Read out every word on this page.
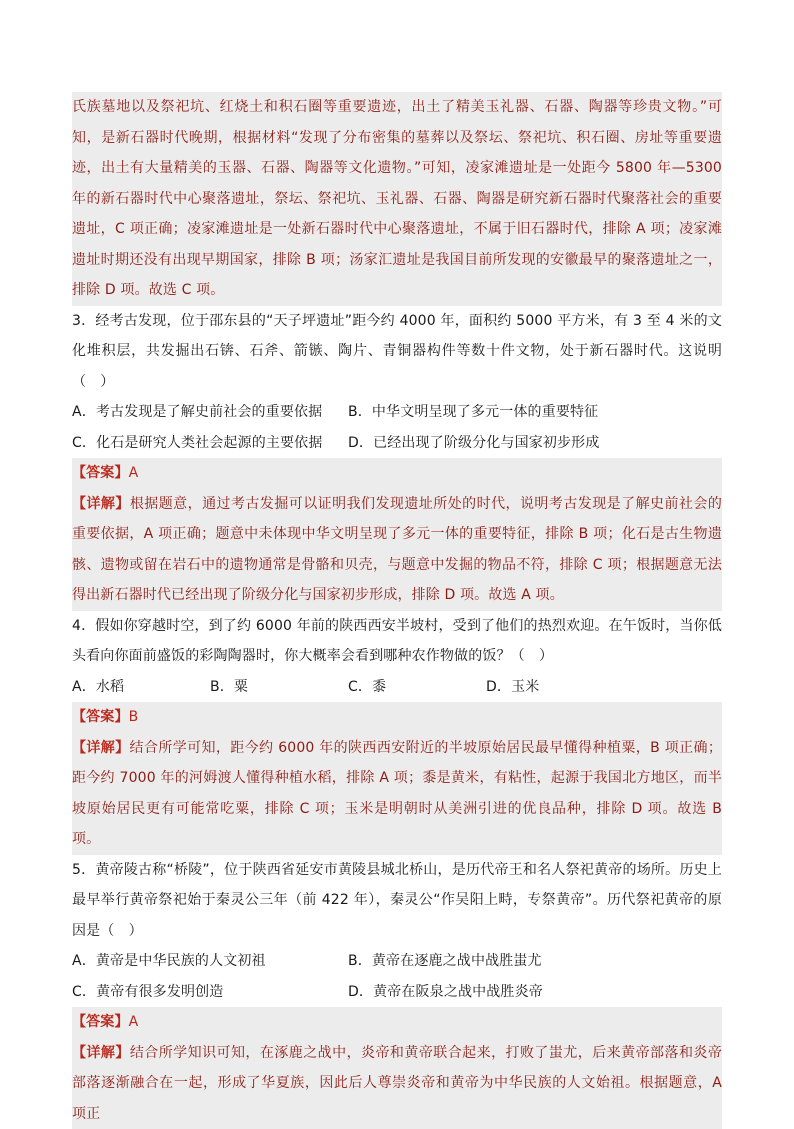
氏族墓地以及祭祀坑、红烧土和积石圈等重要遗迹，出土了精美玉礼器、石器、陶器等珍贵文物。”可知，是新石器时代晚期，根据材料“发现了分布密集的墓葬以及祭坛、祭祀坑、积石圈、房址等重要遗迹，出土有大量精美的玉器、石器、陶器等文化遗物。”可知，凌家滩遗址是一处距今 5800 年—5300 年的新石器时代中心聚落遗址，祭坛、祭祀坑、玉礼器、石器、陶器是研究新石器时代聚落社会的重要遗址，C 项正确；凌家滩遗址是一处新石器时代中心聚落遗址，不属于旧石器时代，排除 A 项；凌家滩遗址时期还没有出现早期国家，排除 B 项；汤家汇遗址是我国目前所发现的安徽最早的聚落遗址之一，排除 D 项。故选 C 项。

3．经考古发现，位于邵东县的“天子坪遗址”距今约 4000 年，面积约 5000 平方米，有 3 至 4 米的文化堆积层，共发掘出石锛、石斧、箭镞、陶片、青铜器构件等数十件文物，处于新石器时代。这说明（　）

A．考古发现是了解史前社会的重要依据	B．中华文明呈现了多元一体的重要特征
C．化石是研究人类社会起源的主要依据	D．已经出现了阶级分化与国家初步形成

【答案】A

【详解】根据题意，通过考古发掘可以证明我们发现遗址所处的时代，说明考古发现是了解史前社会的重要依据，A 项正确；题意中未体现中华文明呈现了多元一体的重要特征，排除 B 项；化石是古生物遗骸、遗物或留在岩石中的遗物通常是骨骼和贝壳，与题意中发掘的物品不符，排除 C 项；根据题意无法得出新石器时代已经出现了阶级分化与国家初步形成，排除 D 项。故选 A 项。

4．假如你穿越时空，到了约 6000 年前的陕西西安半坡村，受到了他们的热烈欢迎。在午饭时，当你低头看向你面前盛饭的彩陶陶器时，你大概率会看到哪种农作物做的饭？（　）

A．水稻	B．粟	C．黍	D．玉米

【答案】B

【详解】结合所学可知，距今约 6000 年的陕西西安附近的半坡原始居民最早懂得种植粟，B 项正确；距今约 7000 年的河姆渡人懂得种植水稻，排除 A 项；黍是黄米，有粘性，起源于我国北方地区，而半坡原始居民更有可能常吃粟，排除 C 项；玉米是明朝时从美洲引进的优良品种，排除 D 项。故选 B 项。

5．黄帝陵古称“桥陵”，位于陕西省延安市黄陵县城北桥山，是历代帝王和名人祭祀黄帝的场所。历史上最早举行黄帝祭祀始于秦灵公三年（前 422 年），秦灵公“作吴阳上畤，专祭黄帝”。历代祭祀黄帝的原因是（　）

A．黄帝是中华民族的人文初祖	B．黄帝在逐鹿之战中战胜蚩尤
C．黄帝有很多发明创造	D．黄帝在阪泉之战中战胜炎帝

【答案】A

【详解】结合所学知识可知，在涿鹿之战中，炎帝和黄帝联合起来，打败了蚩尤，后来黄帝部落和炎帝部落逐渐融合在一起，形成了华夏族，因此后人尊崇炎帝和黄帝为中华民族的人文始祖。根据题意，A 项正
